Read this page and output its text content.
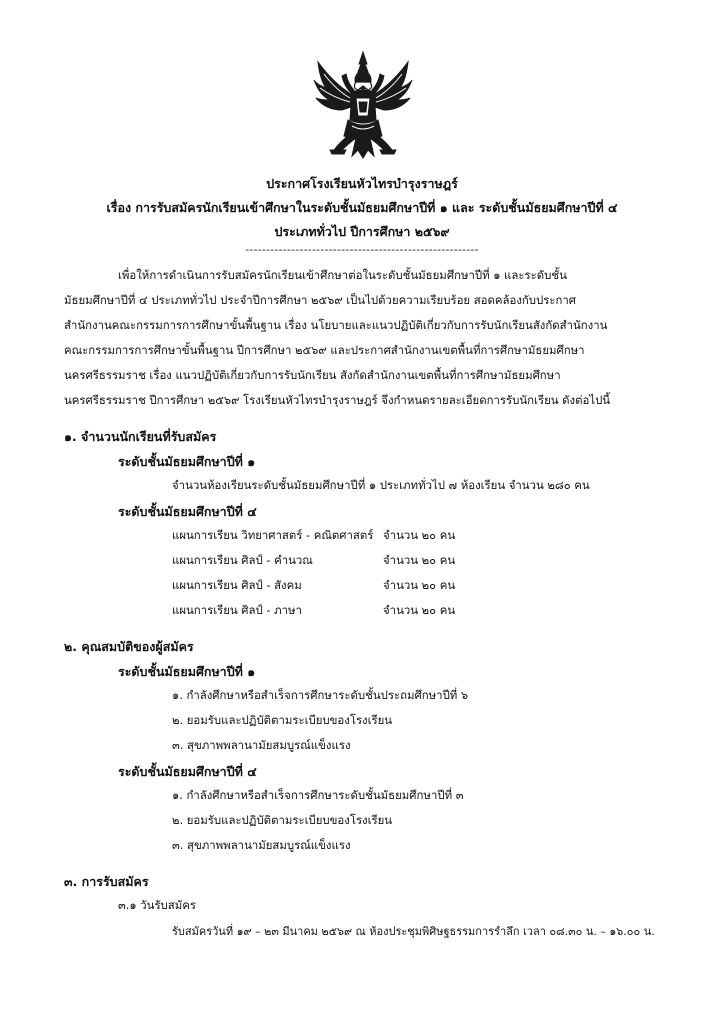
ประกาศโรงเรียนหัวไทรบำรุงราษฎร์
เรื่อง การรับสมัครนักเรียนเข้าศึกษาในระดับชั้นมัธยมศึกษาปีที่ ๑ และ ระดับชั้นมัธยมศึกษาปีที่ ๔
ประเภททั่วไป ปีการศึกษา ๒๕๖๙
--------------------------------------------------------
เพื่อให้การดำเนินการรับสมัครนักเรียนเข้าศึกษาต่อในระดับชั้นมัธยมศึกษาปีที่ ๑ และระดับชั้น
มัธยมศึกษาปีที่ ๔ ประเภททั่วไป ประจำปีการศึกษา ๒๕๖๙ เป็นไปด้วยความเรียบร้อย สอดคล้องกับประกาศ
สำนักงานคณะกรรมการการศึกษาขั้นพื้นฐาน เรื่อง นโยบายและแนวปฏิบัติเกี่ยวกับการรับนักเรียนสังกัดสำนักงาน
คณะกรรมการการศึกษาขั้นพื้นฐาน ปีการศึกษา ๒๕๖๙ และประกาศสำนักงานเขตพื้นที่การศึกษามัธยมศึกษา
นครศรีธรรมราช เรื่อง แนวปฏิบัติเกี่ยวกับการรับนักเรียน สังกัดสำนักงานเขตพื้นที่การศึกษามัธยมศึกษา
นครศรีธรรมราช ปีการศึกษา ๒๕๖๙ โรงเรียนหัวไทรบำรุงราษฎร์ จึงกำหนดรายละเอียดการรับนักเรียน ดังต่อไปนี้
๑. จำนวนนักเรียนที่รับสมัคร
ระดับชั้นมัธยมศึกษาปีที่ ๑
จำนวนห้องเรียนระดับชั้นมัธยมศึกษาปีที่ ๑ ประเภททั่วไป ๗ ห้องเรียน จำนวน ๒๘๐ คน
ระดับชั้นมัธยมศึกษาปีที่ ๔
แผนการเรียน วิทยาศาสตร์ - คณิตศาสตร์ จำนวน ๒๐ คน
แผนการเรียน ศิลป์ - คำนวณ	จำนวน ๒๐ คน
แผนการเรียน ศิลป์ - สังคม	จำนวน ๒๐ คน
แผนการเรียน ศิลป์ - ภาษา	จำนวน ๒๐ คน
๒. คุณสมบัติของผู้สมัคร
ระดับชั้นมัธยมศึกษาปีที่ ๑
๑. กำลังศึกษาหรือสำเร็จการศึกษาระดับชั้นประถมศึกษาปีที่ ๖
๒. ยอมรับและปฏิบัติตามระเบียบของโรงเรียน
๓. สุขภาพพลานามัยสมบูรณ์แข็งแรง
ระดับชั้นมัธยมศึกษาปีที่ ๔
๑. กำลังศึกษาหรือสำเร็จการศึกษาระดับชั้นมัธยมศึกษาปีที่ ๓
๒. ยอมรับและปฏิบัติตามระเบียบของโรงเรียน
๓. สุขภาพพลานามัยสมบูรณ์แข็งแรง
๓. การรับสมัคร
๓.๑ วันรับสมัคร
รับสมัครวันที่ ๑๙ – ๒๓ มีนาคม ๒๕๖๙ ณ ห้องประชุมพิศิษฐธรรมการรำลึก เวลา ๐๘.๓๐ น. – ๑๖.๐๐ น.
